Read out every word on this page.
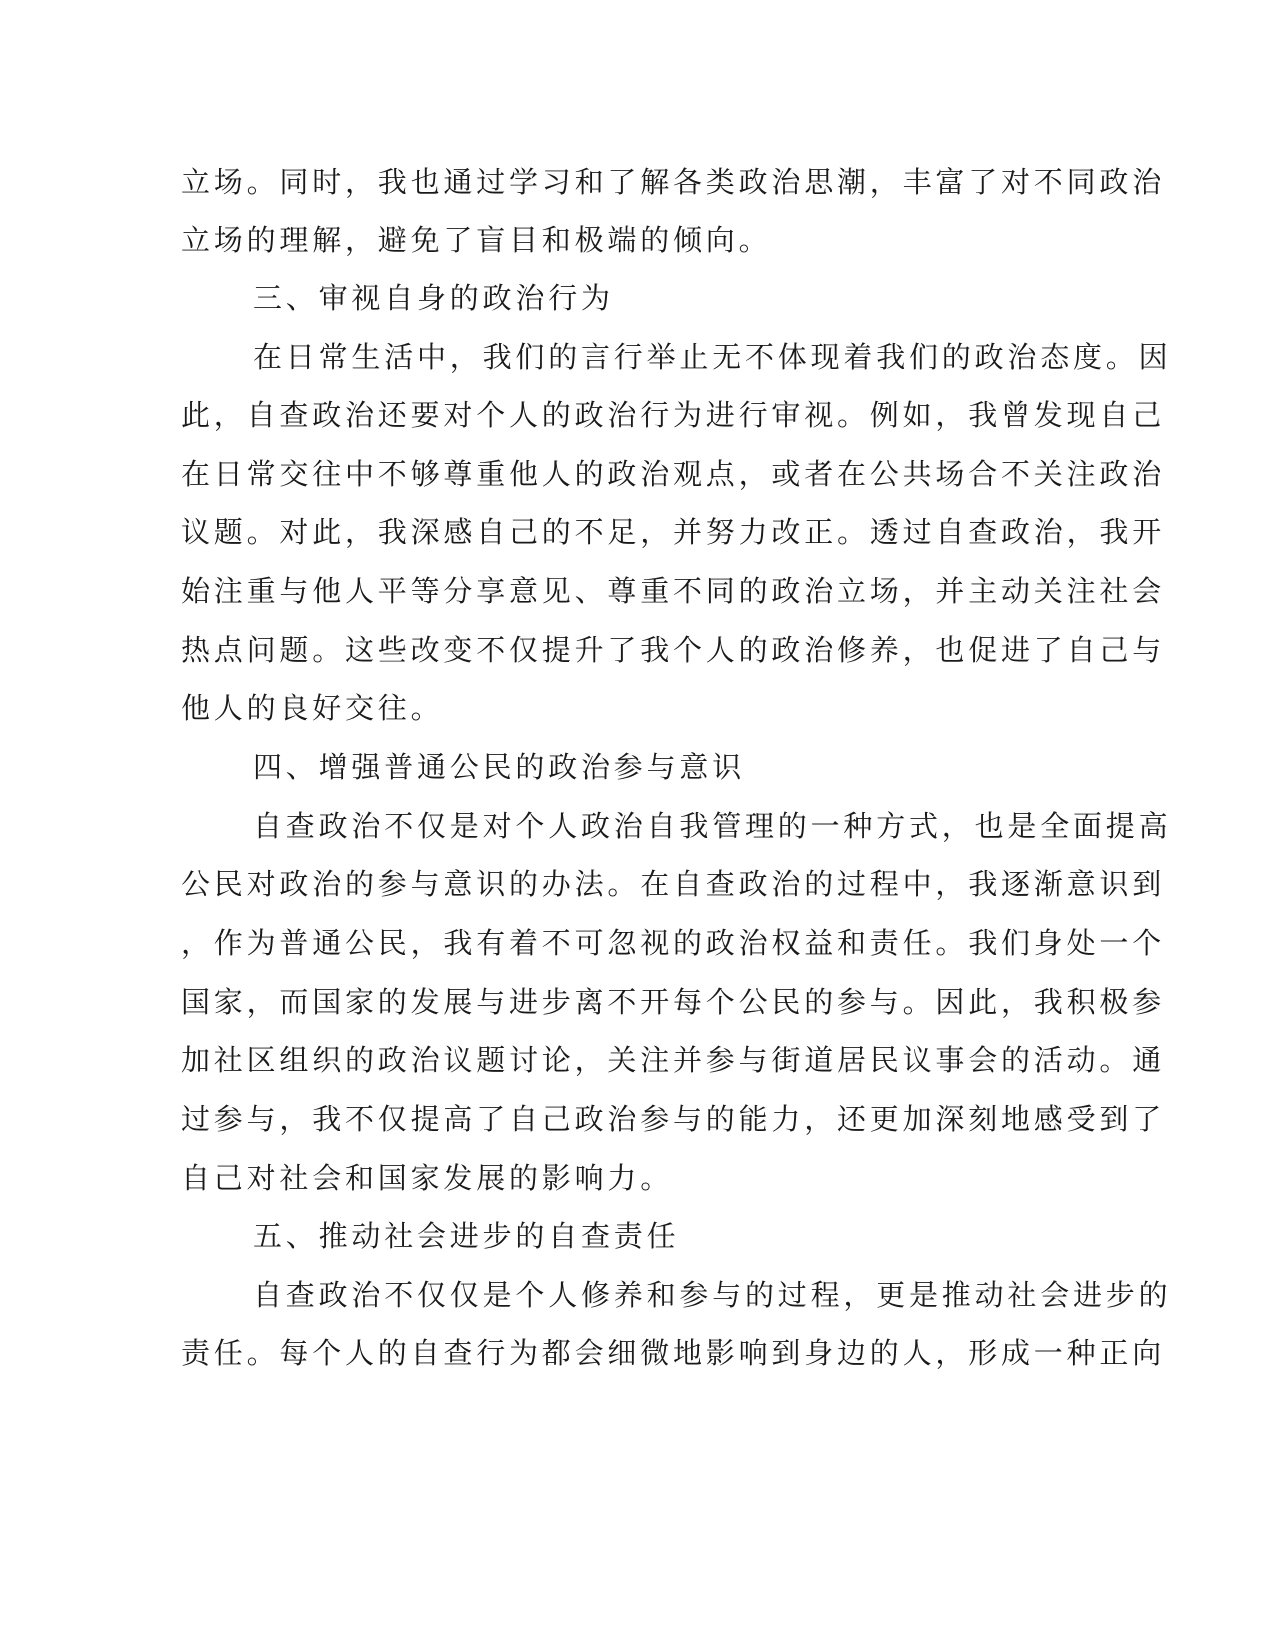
立场。同时，我也通过学习和了解各类政治思潮，丰富了对不同政治
立场的理解，避免了盲目和极端的倾向。
三、审视自身的政治行为
在日常生活中，我们的言行举止无不体现着我们的政治态度。因
此，自查政治还要对个人的政治行为进行审视。例如，我曾发现自己
在日常交往中不够尊重他人的政治观点，或者在公共场合不关注政治
议题。对此，我深感自己的不足，并努力改正。透过自查政治，我开
始注重与他人平等分享意见、尊重不同的政治立场，并主动关注社会
热点问题。这些改变不仅提升了我个人的政治修养，也促进了自己与
他人的良好交往。
四、增强普通公民的政治参与意识
自查政治不仅是对个人政治自我管理的一种方式，也是全面提高
公民对政治的参与意识的办法。在自查政治的过程中，我逐渐意识到
，作为普通公民，我有着不可忽视的政治权益和责任。我们身处一个
国家，而国家的发展与进步离不开每个公民的参与。因此，我积极参
加社区组织的政治议题讨论，关注并参与街道居民议事会的活动。通
过参与，我不仅提高了自己政治参与的能力，还更加深刻地感受到了
自己对社会和国家发展的影响力。
五、推动社会进步的自查责任
自查政治不仅仅是个人修养和参与的过程，更是推动社会进步的
责任。每个人的自查行为都会细微地影响到身边的人，形成一种正向
